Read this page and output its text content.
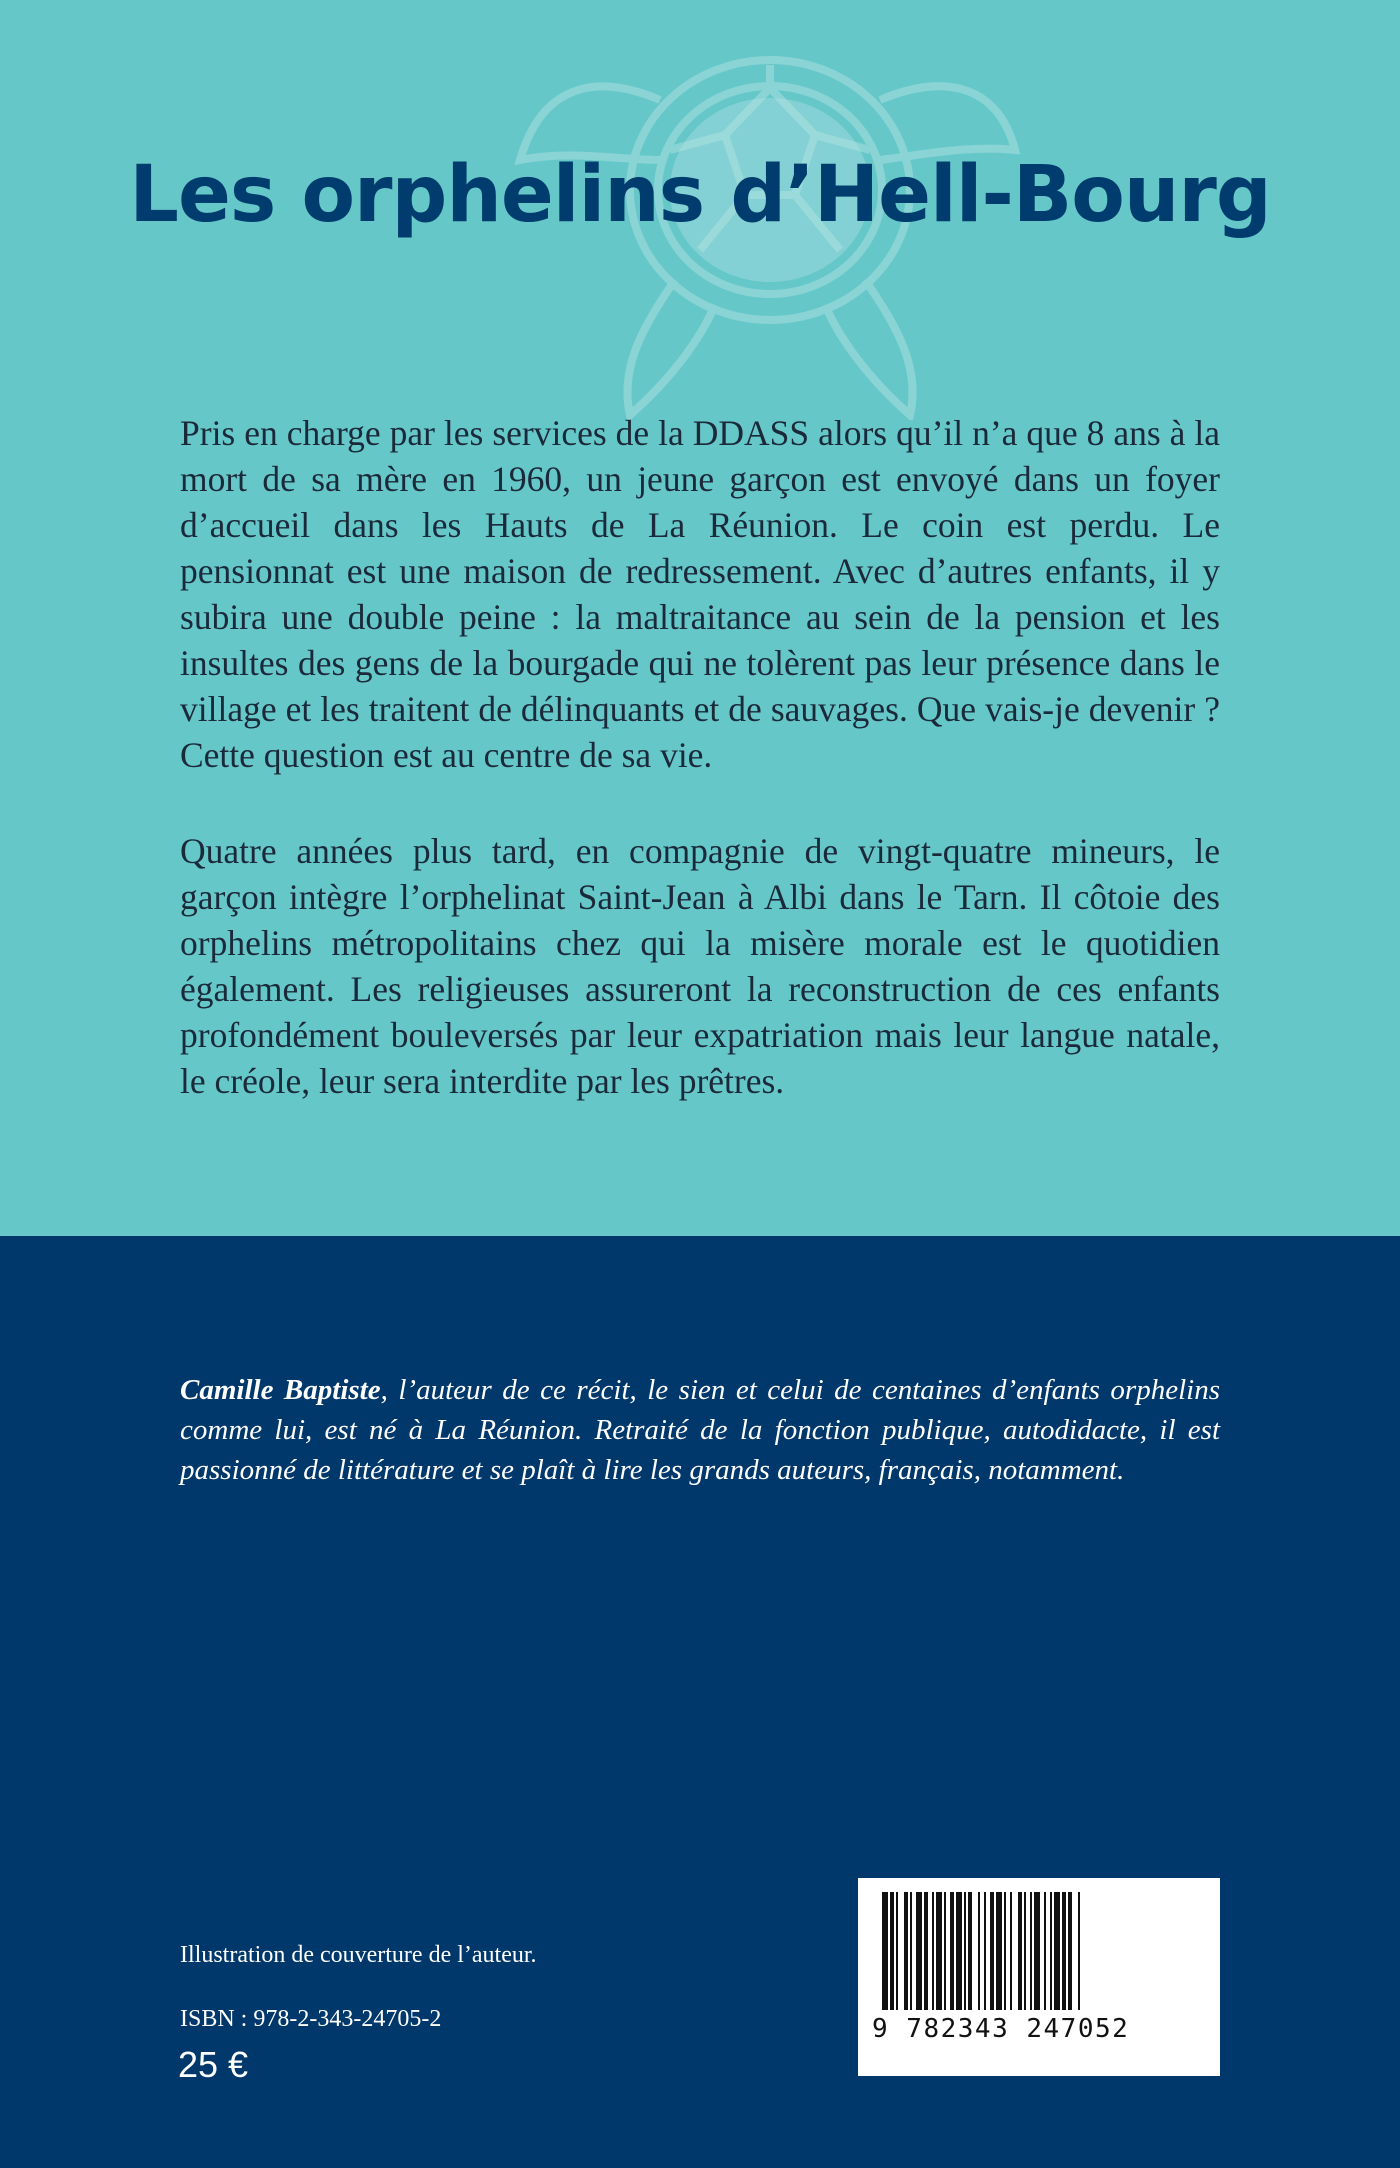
Les orphelins d’Hell-Bourg

Pris en charge par les services de la DDASS alors qu’il n’a que 8 ans à la mort de sa mère en 1960, un jeune garçon est envoyé dans un foyer d’accueil dans les Hauts de La Réunion. Le coin est perdu. Le pensionnat est une maison de redressement. Avec d’autres enfants, il y subira une double peine : la maltraitance au sein de la pension et les insultes des gens de la bourgade qui ne tolèrent pas leur présence dans le village et les traitent de délinquants et de sauvages. Que vais-je devenir ? Cette question est au centre de sa vie.

Quatre années plus tard, en compagnie de vingt-quatre mineurs, le garçon intègre l’orphelinat Saint-Jean à Albi dans le Tarn. Il côtoie des orphelins métropolitains chez qui la misère morale est le quotidien également. Les religieuses assureront la reconstruction de ces enfants profondément bouleversés par leur expatriation mais leur langue natale, le créole, leur sera interdite par les prêtres.

Camille Baptiste, l’auteur de ce récit, le sien et celui de centaines d’enfants orphelins comme lui, est né à La Réunion. Retraité de la fonction publique, autodidacte, il est passionné de littérature et se plaît à lire les grands auteurs, français, notamment.

Illustration de couverture de l’auteur.

ISBN : 978-2-343-24705-2

25 €

9 782343 247052
